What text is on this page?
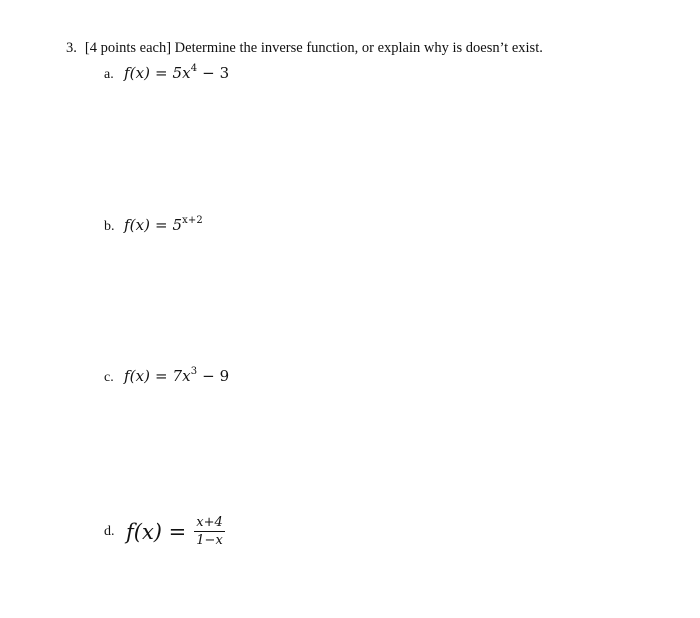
3. [4 points each] Determine the inverse function, or explain why is doesn’t exist.
a. $f(x) = 5x^4 - 3$
b. $f(x) = 5^{x+2}$
c. $f(x) = 7x^3 - 9$
d. $f(x) = \frac{x+4}{1-x}$
